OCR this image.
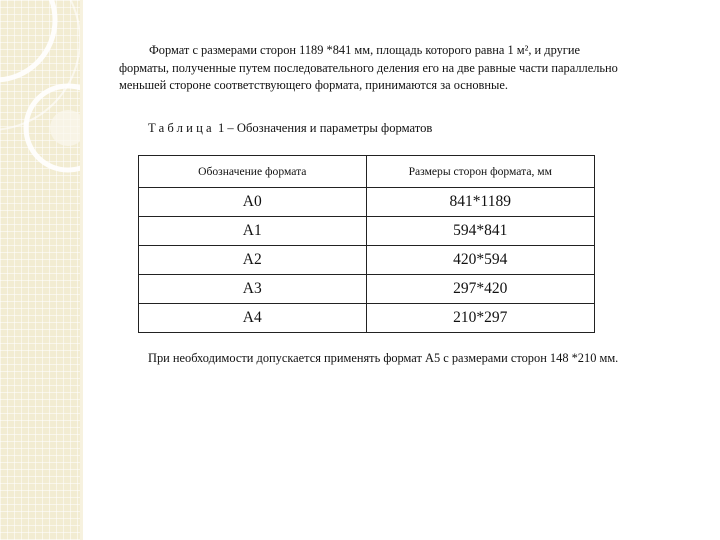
Формат с размерами сторон 1189 *841 мм, площадь которого равна 1 м², и другие
форматы, полученные путем последовательного деления его на две равные части параллельно
меньшей стороне соответствующего формата, принимаются за основные.
Таблица 1 – Обозначения и параметры форматов
Обозначение формата	Размеры сторон формата, мм
А0	841*1189
А1	594*841
А2	420*594
А3	297*420
А4	210*297
При необходимости допускается применять формат А5 с размерами сторон 148 *210 мм.
